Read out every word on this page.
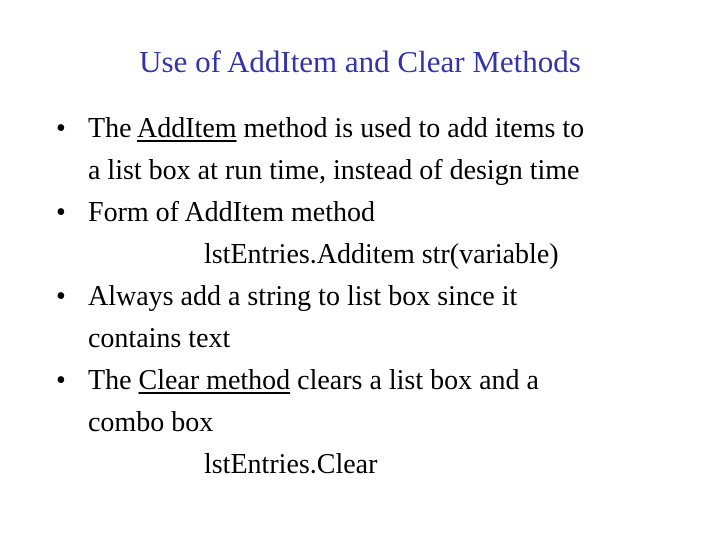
Use of AddItem and Clear Methods
• The AddItem method is used to add items to
a list box at run time, instead of design time
• Form of AddItem method
lstEntries.Additem str(variable)
• Always add a string to list box since it
contains text
• The Clear method clears a list box and a
combo box
lstEntries.Clear
